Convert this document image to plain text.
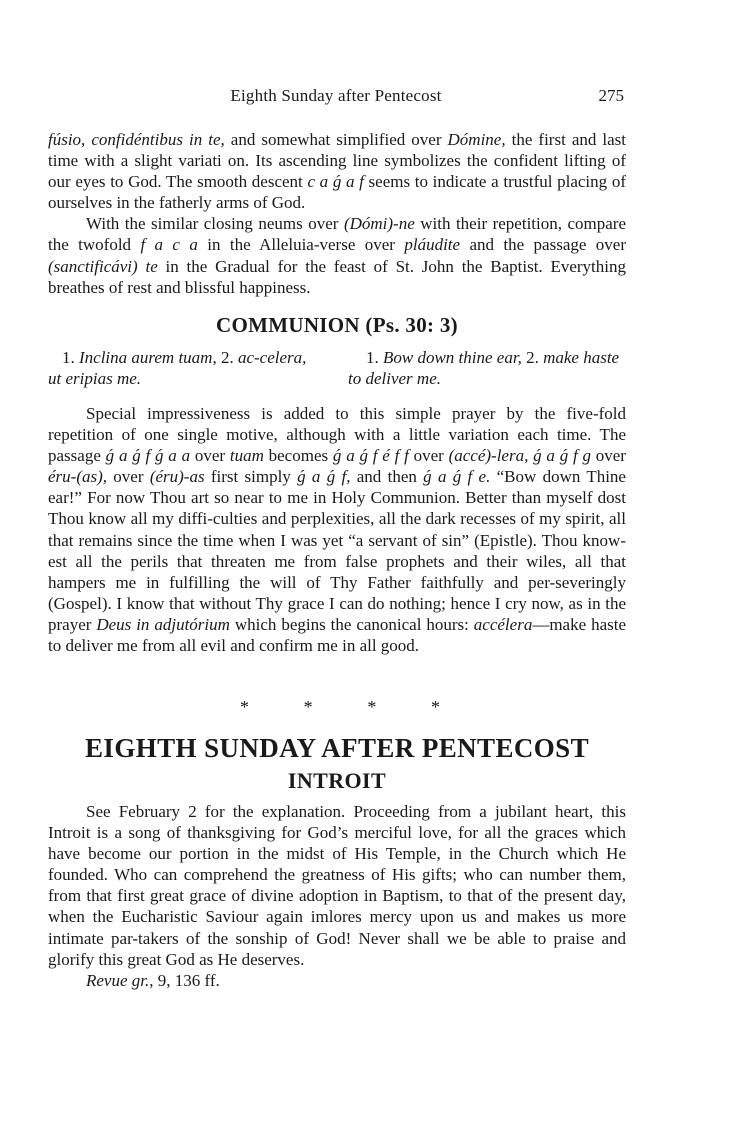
Eighth Sunday after Pentecost	275

fúsio, confidéntibus in te, and somewhat simplified over Dómine, the first and last time with a slight variati on. Its ascending line symbolizes the confident lifting of our eyes to God. The smooth descent c a ǵ a f seems to indicate a trustful placing of ourselves in the fatherly arms of God.

With the similar closing neums over (Dómi)-ne with their repetition, compare the twofold f a c a in the Alleluia-verse over pláudite and the passage over (sanctificávi) te in the Gradual for the feast of St. John the Baptist. Everything breathes of rest and blissful happiness.

COMMUNION (Ps. 30: 3)
1. Inclina aurem tuam, 2. ac-celera, ut eripias me.
1. Bow down thine ear, 2. make haste to deliver me.

Special impressiveness is added to this simple prayer by the five-fold repetition of one single motive, although with a little variation each time. The passage ǵ a ǵ f ǵ a a over tuam becomes ǵ a ǵ f é f f over (accé)-lera, ǵ a ǵ f g over éru-(as), over (éru)-as first simply ǵ a ǵ f, and then ǵ a ǵ f e. “Bow down Thine ear!” For now Thou art so near to me in Holy Communion. Better than myself dost Thou know all my diffi-culties and perplexities, all the dark recesses of my spirit, all that remains since the time when I was yet “a servant of sin” (Epistle). Thou know-est all the perils that threaten me from false prophets and their wiles, all that hampers me in fulfilling the will of Thy Father faithfully and per-severingly (Gospel). I know that without Thy grace I can do nothing; hence I cry now, as in the prayer Deus in adjutórium which begins the canonical hours: accélera—make haste to deliver me from all evil and confirm me in all good.

*	*	*	*
EIGHTH SUNDAY AFTER PENTECOST
INTROIT

See February 2 for the explanation. Proceeding from a jubilant heart, this Introit is a song of thanksgiving for God’s merciful love, for all the graces which have become our portion in the midst of His Temple, in the Church which He founded. Who can comprehend the greatness of His gifts; who can number them, from that first great grace of divine adoption in Baptism, to that of the present day, when the Eucharistic Saviour again imlores mercy upon us and makes us more intimate par-takers of the sonship of God! Never shall we be able to praise and glorify this great God as He deserves.

Revue gr., 9, 136 ff.
